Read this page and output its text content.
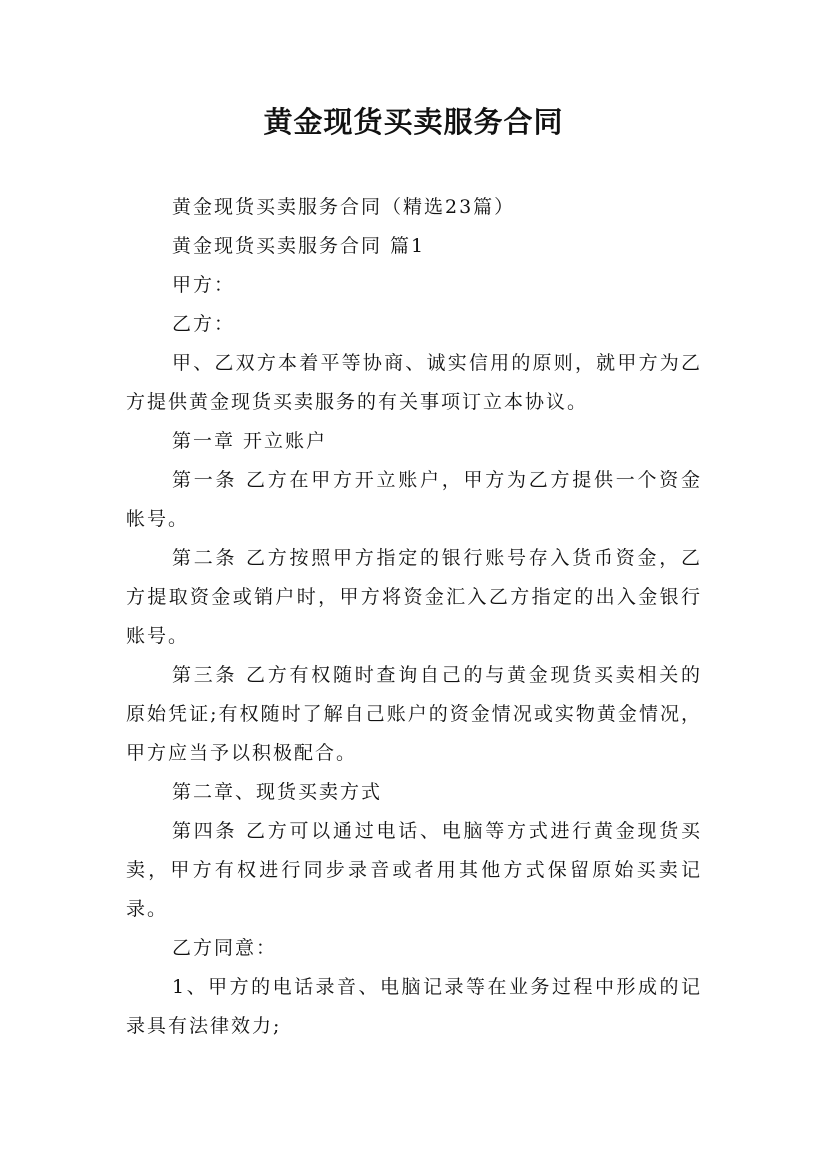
黄金现货买卖服务合同

黄金现货买卖服务合同（精选23篇）

黄金现货买卖服务合同 篇1

甲方：

乙方：

甲、乙双方本着平等协商、诚实信用的原则，就甲方为乙方提供黄金现货买卖服务的有关事项订立本协议。

第一章 开立账户

第一条 乙方在甲方开立账户，甲方为乙方提供一个资金帐号。

第二条 乙方按照甲方指定的银行账号存入货币资金，乙方提取资金或销户时，甲方将资金汇入乙方指定的出入金银行账号。

第三条 乙方有权随时查询自己的与黄金现货买卖相关的原始凭证;有权随时了解自己账户的资金情况或实物黄金情况，甲方应当予以积极配合。

第二章、现货买卖方式

第四条 乙方可以通过电话、电脑等方式进行黄金现货买卖，甲方有权进行同步录音或者用其他方式保留原始买卖记录。

乙方同意：

1、甲方的电话录音、电脑记录等在业务过程中形成的记录具有法律效力;
